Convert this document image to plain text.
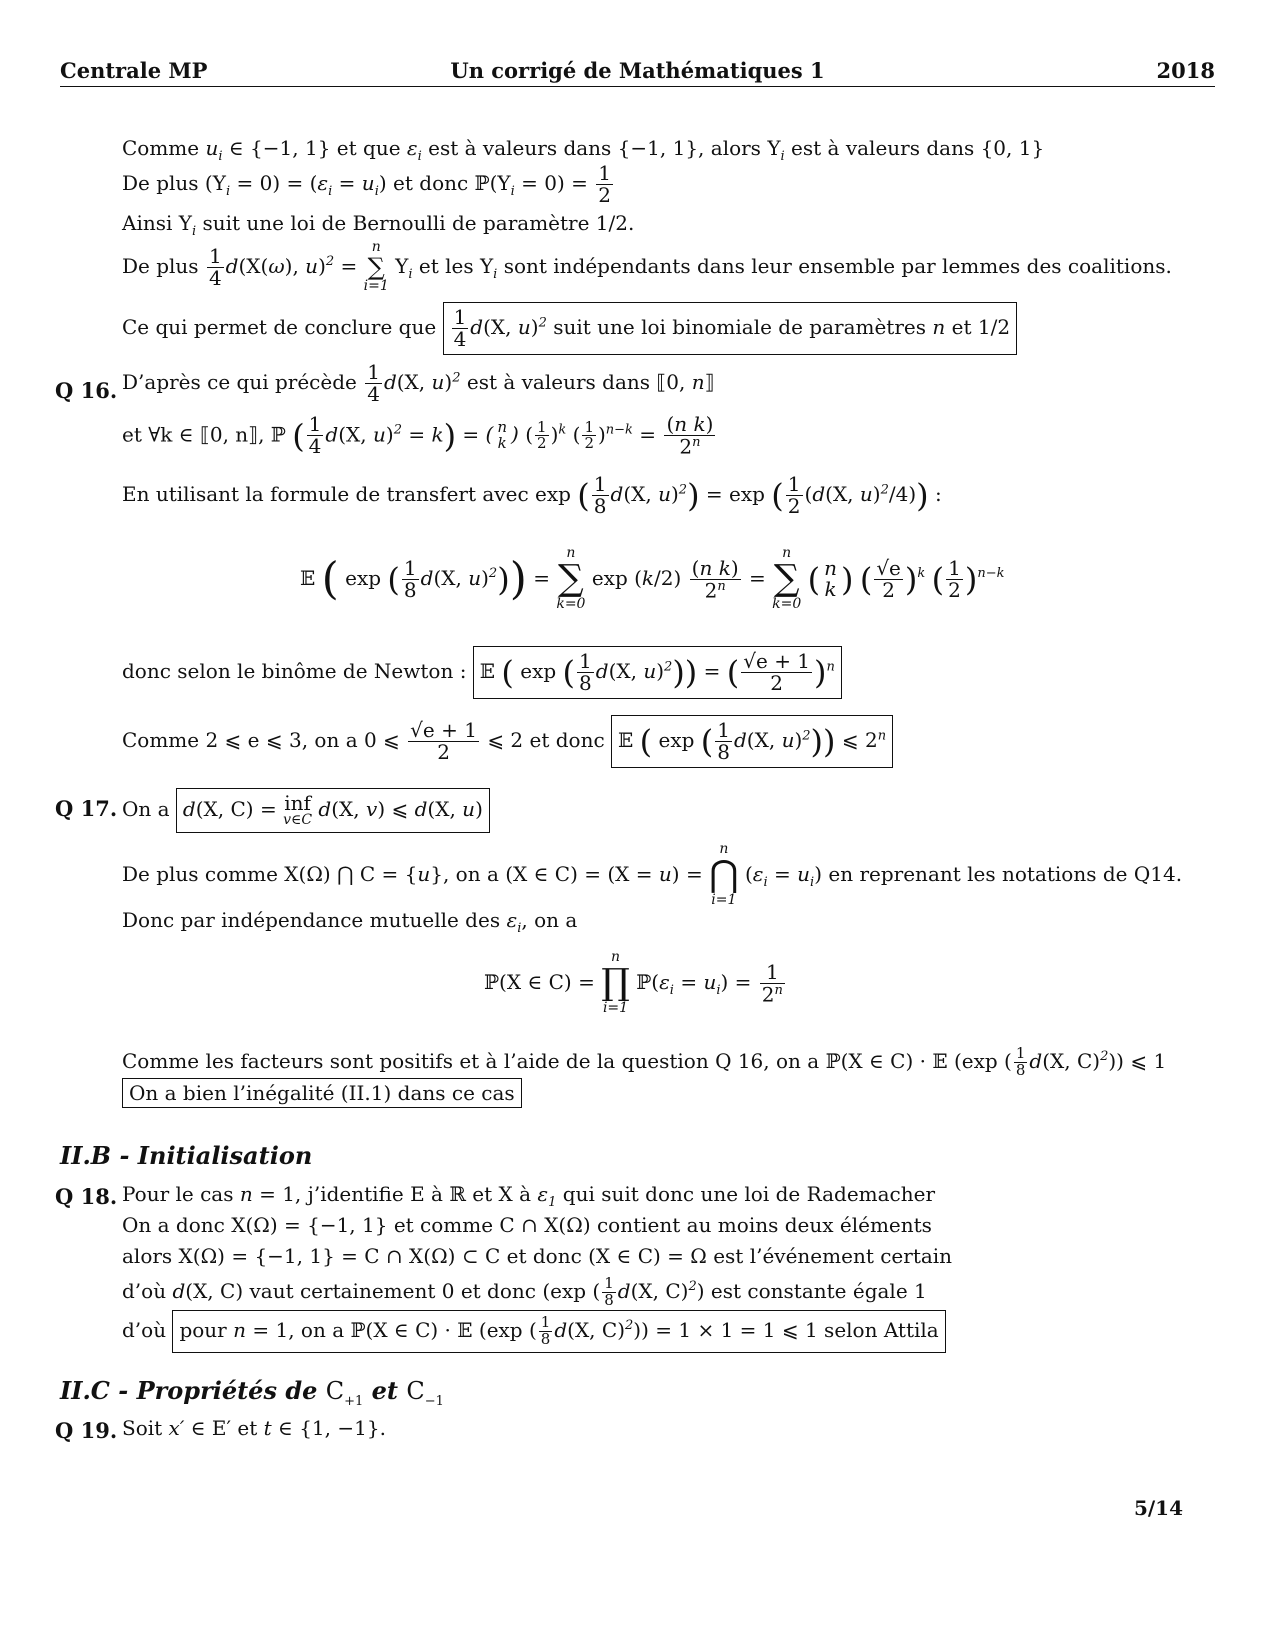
Centrale MP	Un corrigé de Mathématiques 1	2018
Comme $u_i$ ∈ {−1, 1} et que $\varepsilon_i$ est à valeurs dans {−1, 1}, alors $Y_i$ est à valeurs dans {0, 1}
De plus $(Y_i = 0) = (\varepsilon_i = u_i)$ et donc $ℙ(Y_i = 0) = \frac{1}{2}$
Ainsi $Y_i$ suit une loi de Bernoulli de paramètre 1/2.
De plus $\frac{1}{4} d(X(\omega)$, u)$^2$ =
n
∑
i=1
$Y_i$ et les $Y_i$ sont indépendants dans leur ensemble par lemmes des coalitions.
Ce qui permet de conclure que $\frac{1}{4} d(X$, u)$^2$ suit une loi binomiale de paramètres n et 1/2
Q 16. D’après ce qui précède $\frac{1}{4} d(X$, u)$^2$ est à valeurs dans ⟦0, n⟧
et ∀k ∈ ⟦0, n⟧, ℙ ( $\frac{1}{4} d(X$, u)$^2$ = k) = ( n
k ) ( $\frac{1}{2} )^k$ ( $\frac{1}{2} )^{n-k} = \frac{\text{(n k)}}{2^n}$
En utilisant la formule de transfert avec exp ( $\frac{1}{8} d(X$, u)$^2$) = exp ( $\frac{1}{2} (d(X$, u)$^2$/4)) :
𝔼 ( exp ( $\frac{1}{8} d(X$, u)$^2$)) =
n
∑
k=0
$\exp (k/2) \frac{\text{(n k)}}{2^n}$ =
n
∑
k=0
( n
k ) ( $\frac{√e}{2} )^k$ ( $\frac{1}{2} )^{n-k}$
donc selon le binôme de Newton : 𝔼 ( exp ( $\frac{1}{8} d(X$, u)$^2$)) = ( $\frac{√e + 1}{2} )^n$
Comme 2 ⩽ e ⩽ 3, on a 0 ⩽ $\frac{√e + 1}{2}$ ⩽ 2 et donc 𝔼 ( exp ( $\frac{1}{8} d(X$, u)$^2$)) ⩽ 2$^n$
Q 17. On a d(X, C) = inf
v∈C d(X, v) ⩽ d(X, u)
De plus comme X(Ω) ⋂ C = {u}, on a (X ∈ C) = (X = u) =
n
⋂
i=1
$(\varepsilon_i = u_i)$ en reprenant les notations de Q14.
Donc par indépendance mutuelle des $\varepsilon_i$, on a
ℙ(X ∈ C) =
n
∏
i=1
$ℙ(\varepsilon_i = u_i) = \frac{1}{2^n}$
Comme les facteurs sont positifs et à l’aide de la question Q 16, on a ℙ(X ∈ C) · 𝔼 (exp ( $\frac{1}{8} d(X$, C)$^2$)) ⩽ 1
On a bien l’inégalité (II.1) dans ce cas
II.B - Initialisation
Q 18. Pour le cas n = 1, j’identifie E à ℝ et X à $\varepsilon_1$ qui suit donc une loi de Rademacher
On a donc X(Ω) = {−1, 1} et comme C ∩ X(Ω) contient au moins deux éléments
alors X(Ω) = {−1, 1} = C ∩ X(Ω) ⊂ C et donc (X ∈ C) = Ω est l’événement certain
d’où d(X, C) vaut certainement 0 et donc (exp ( $\frac{1}{8} d(X$, C)$^2$) est constante égale 1
d’où pour n = 1, on a ℙ(X ∈ C) · 𝔼 (exp ( $\frac{1}{8} d(X$, C)$^2$)) = 1 × 1 = 1 ⩽ 1 selon Attila
II.C - Propriétés de $C_{+1}$ et $C_{-1}$
Q 19. Soit x′ ∈ E′ et t ∈ {1, −1}.
5/14
